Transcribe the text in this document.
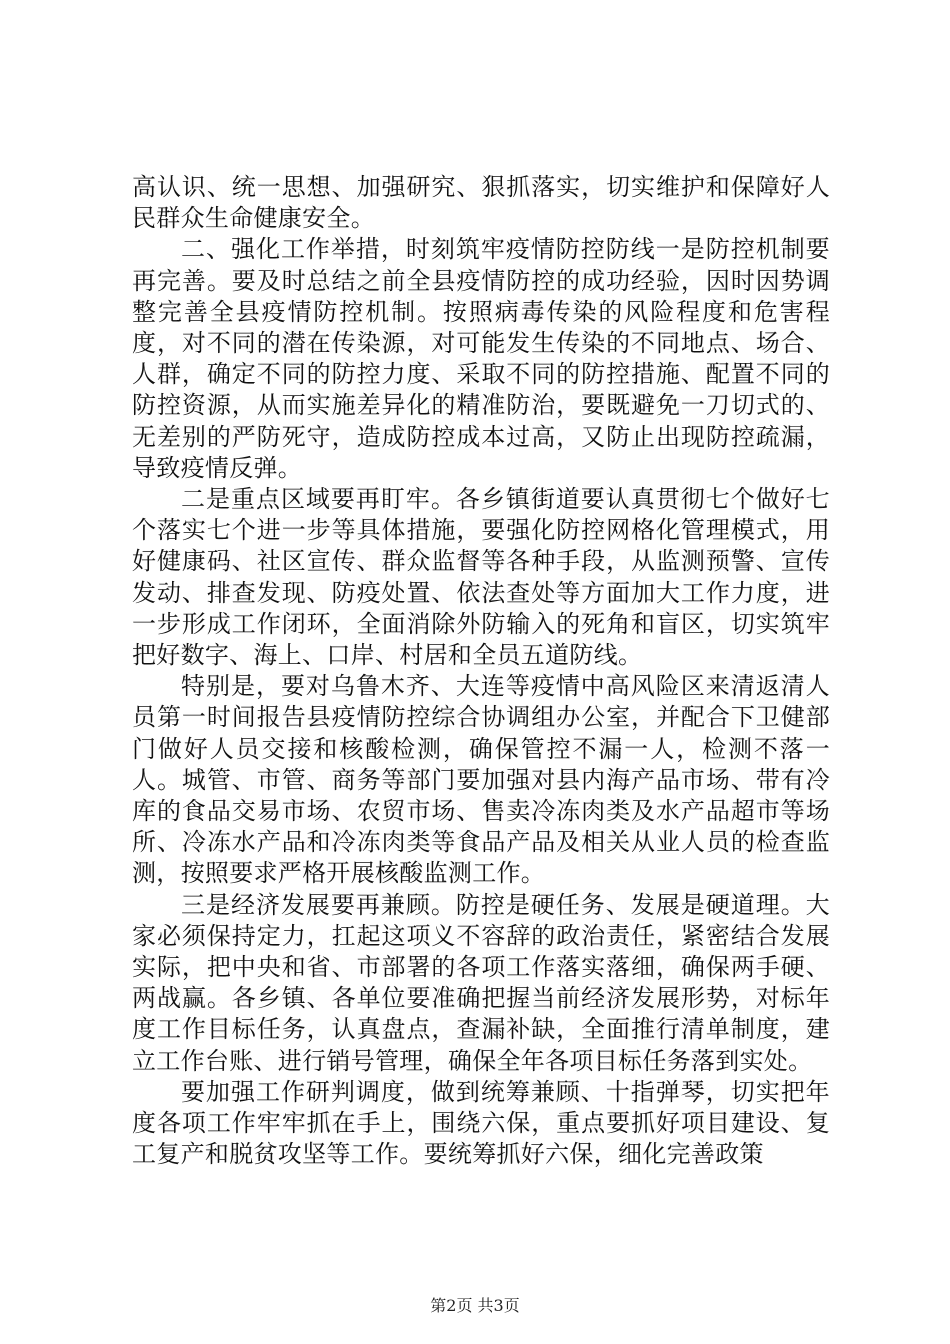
高认识、统一思想、加强研究、狠抓落实，切实维护和保障好人民群众生命健康安全。

二、强化工作举措，时刻筑牢疫情防控防线一是防控机制要再完善。要及时总结之前全县疫情防控的成功经验，因时因势调整完善全县疫情防控机制。按照病毒传染的风险程度和危害程度，对不同的潜在传染源，对可能发生传染的不同地点、场合、人群，确定不同的防控力度、采取不同的防控措施、配置不同的防控资源，从而实施差异化的精准防治，要既避免一刀切式的、无差别的严防死守，造成防控成本过高，又防止出现防控疏漏，导致疫情反弹。

二是重点区域要再盯牢。各乡镇街道要认真贯彻七个做好七个落实七个进一步等具体措施，要强化防控网格化管理模式，用好健康码、社区宣传、群众监督等各种手段，从监测预警、宣传发动、排查发现、防疫处置、依法查处等方面加大工作力度，进一步形成工作闭环，全面消除外防输入的死角和盲区，切实筑牢把好数字、海上、口岸、村居和全员五道防线。

特别是，要对乌鲁木齐、大连等疫情中高风险区来清返清人员第一时间报告县疫情防控综合协调组办公室，并配合下卫健部门做好人员交接和核酸检测，确保管控不漏一人，检测不落一人。城管、市管、商务等部门要加强对县内海产品市场、带有冷库的食品交易市场、农贸市场、售卖冷冻肉类及水产品超市等场所、冷冻水产品和冷冻肉类等食品产品及相关从业人员的检查监测，按照要求严格开展核酸监测工作。

三是经济发展要再兼顾。防控是硬任务、发展是硬道理。大家必须保持定力，扛起这项义不容辞的政治责任，紧密结合发展实际，把中央和省、市部署的各项工作落实落细，确保两手硬、两战赢。各乡镇、各单位要准确把握当前经济发展形势，对标年度工作目标任务，认真盘点，查漏补缺，全面推行清单制度，建立工作台账、进行销号管理，确保全年各项目标任务落到实处。

要加强工作研判调度，做到统筹兼顾、十指弹琴，切实把年度各项工作牢牢抓在手上，围绕六保，重点要抓好项目建设、复工复产和脱贫攻坚等工作。要统筹抓好六保，细化完善政策

第2页 共3页
